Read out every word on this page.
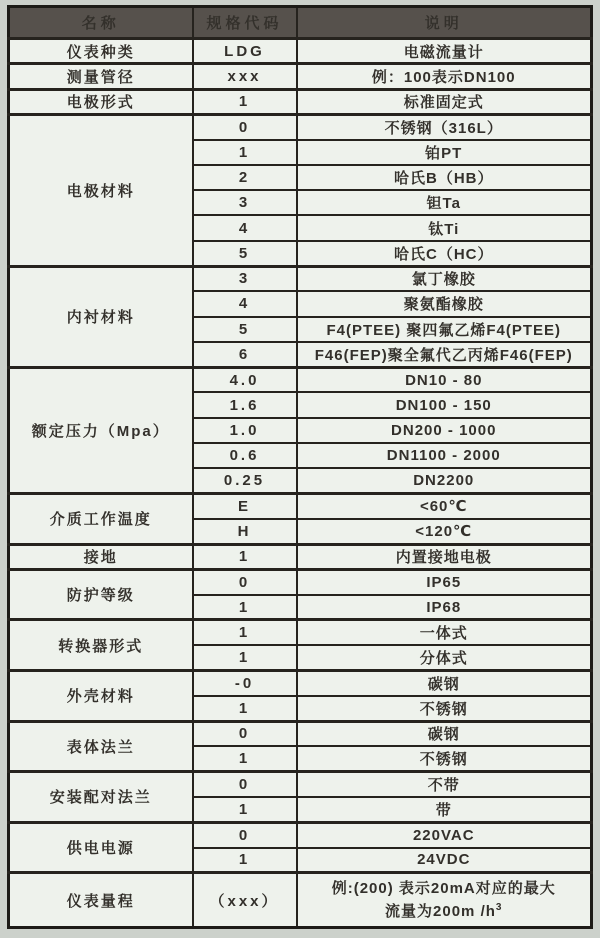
名称	规格代码	说明
仪表种类	LDG	电磁流量计
测量管径	xxx	例：100表示DN100
电极形式	1	标准固定式
电极材料	0	不锈钢（316L）
	1	铂PT
	2	哈氏B（HB）
	3	钽Ta
	4	钛Ti
	5	哈氏C（HC）
内衬材料	3	氯丁橡胶
	4	聚氨酯橡胶
	5	F4(PTEE) 聚四氟乙烯F4(PTEE)
	6	F46(FEP)聚全氟代乙丙烯F46(FEP)
额定压力（Mpa）	4.0	DN10 - 80
	1.6	DN100 - 150
	1.0	DN200 - 1000
	0.6	DN1100 - 2000
	0.25	DN2200
介质工作温度	E	<60℃
	H	<120℃
接地	1	内置接地电极
防护等级	0	IP65
	1	IP68
转换器形式	1	一体式
	1	分体式
外壳材料	-0	碳钢
	1	不锈钢
表体法兰	0	碳钢
	1	不锈钢
安装配对法兰	0	不带
	1	带
供电电源	0	220VAC
	1	24VDC
仪表量程	（xxx）	例:(200) 表示20mA对应的最大
流量为200m $/h^3$
